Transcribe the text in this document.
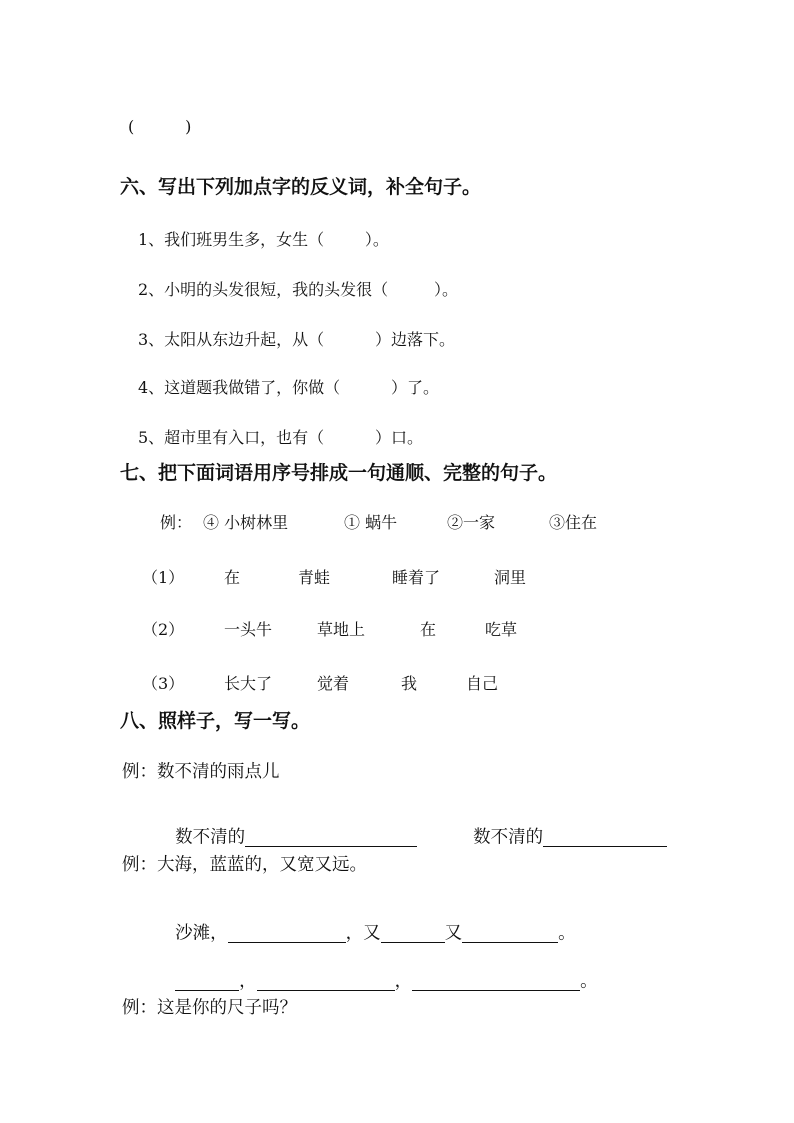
(          )
六、写出下列加点字的反义词，补全句子。
1、我们班男生多，女生（        ）。
2、小明的头发很短，我的头发很（         ）。
3、太阳从东边升起，从（          ）边落下。
4、这道题我做错了，你做（          ）了。
5、超市里有入口，也有（          ）口。
七、把下面词语用序号排成一句通顺、完整的句子。
例： ④ 小树林里	① 蜗牛	②一家	③住在
（1） 在	青蛙	睡着了	洞里
（2） 一头牛	草地上	在	吃草
（3） 长大了	觉着	我	自己
八、照样子，写一写。
例：数不清的雨点儿

数不清的	数不清的

例：大海，蓝蓝的，又宽又远。

沙滩，	，又	又	。

，	，	。

例：这是你的尺子吗？
